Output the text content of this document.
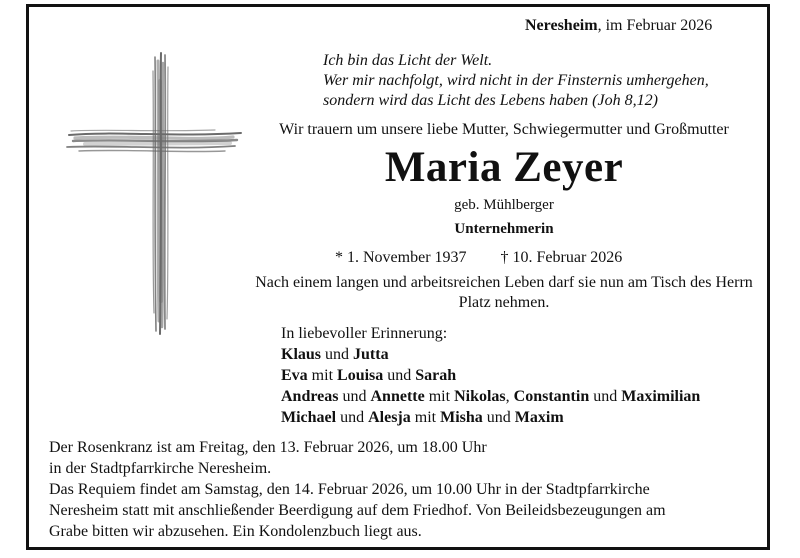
Neresheim, im Februar 2026
Ich bin das Licht der Welt.
Wer mir nachfolgt, wird nicht in der Finsternis umhergehen,
sondern wird das Licht des Lebens haben (Joh 8,12)
Wir trauern um unsere liebe Mutter, Schwiegermutter und Großmutter
Maria Zeyer
geb. Mühlberger
Unternehmerin
* 1. November 1937 † 10. Februar 2026
Nach einem langen und arbeitsreichen Leben darf sie nun am Tisch des Herrn Platz nehmen.
In liebevoller Erinnerung:
Klaus und Jutta
Eva mit Louisa und Sarah
Andreas und Annette mit Nikolas, Constantin und Maximilian
Michael und Alesja mit Misha und Maxim
Der Rosenkranz ist am Freitag, den 13. Februar 2026, um 18.00 Uhr
in der Stadtpfarrkirche Neresheim.
Das Requiem findet am Samstag, den 14. Februar 2026, um 10.00 Uhr in der Stadtpfarrkirche
Neresheim statt mit anschließender Beerdigung auf dem Friedhof. Von Beileidsbezeugungen am
Grabe bitten wir abzusehen. Ein Kondolenzbuch liegt aus.
